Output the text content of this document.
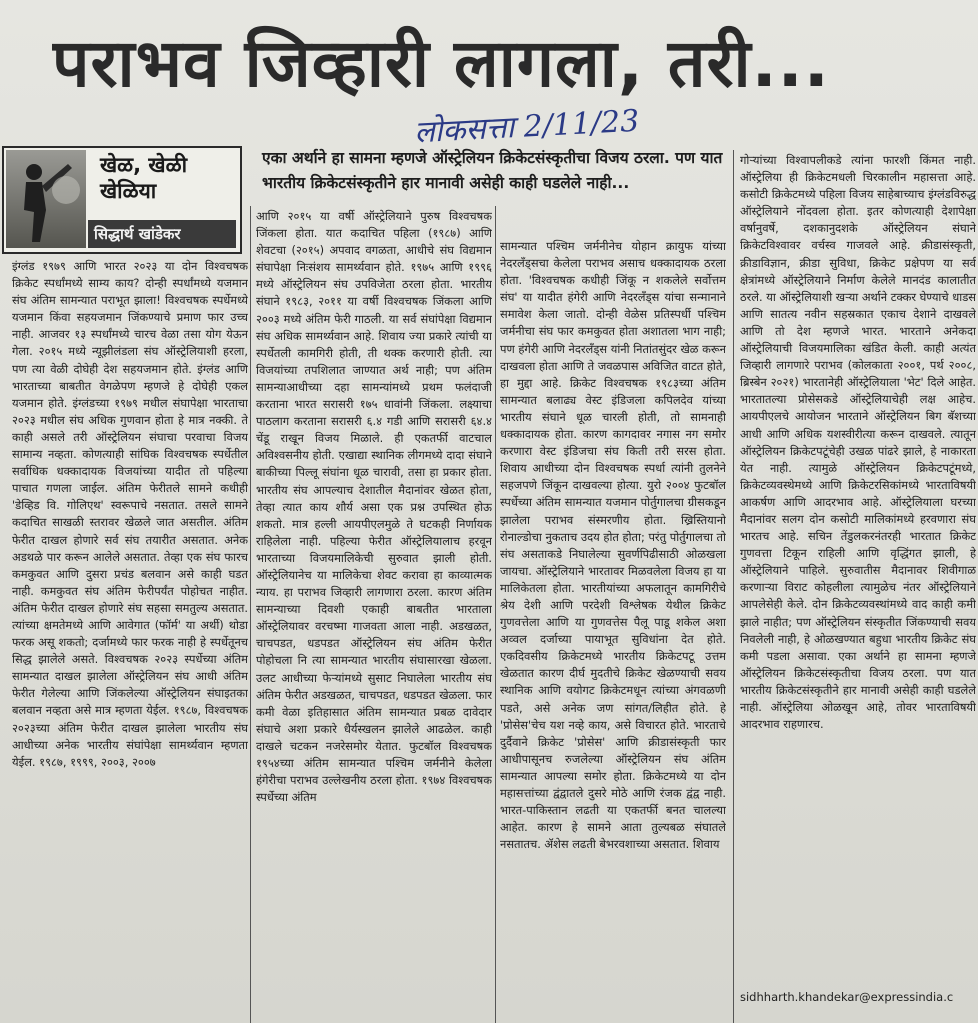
पराभव जिव्हारी लागला, तरी...
लोकसत्ता 2/11/23
खेळ, खेळी खेळिया
सिद्धार्थ खांडेकर
एका अर्थाने हा सामना म्हणजे ऑस्ट्रेलियन क्रिकेटसंस्कृतीचा विजय ठरला. पण यात भारतीय क्रिकेटसंस्कृतीने हार मानावी असेही काही घडलेले नाही...

इंग्लंड १९७९ आणि भारत २०२३ या दोन विश्वचषक क्रिकेट स्पर्धांमध्ये साम्य काय? दोन्ही स्पर्धांमध्ये यजमान संघ अंतिम सामन्यात पराभूत झाला! विश्वचषक स्पर्धेमध्ये यजमान किंवा सहयजमान जिंकण्याचे प्रमाण फार उच्च नाही. आजवर १३ स्पर्धांमध्ये चारच वेळा तसा योग येऊन गेला. २०१५ मध्ये न्यूझीलंडला संघ ऑस्ट्रेलियाशी हरला, पण त्या वेळी दोघेही देश सहयजमान होते. इंग्लंड आणि भारताच्या बाबतीत वेगळेपण म्हणजे हे दोघेही एकल यजमान होते. इंग्लंडच्या १९७९ मधील संघापेक्षा भारताचा २०२३ मधील संघ अधिक गुणवान होता हे मात्र नक्की. ते काही असले तरी ऑस्ट्रेलियन संघाचा परवाचा विजय सामान्य नव्हता. कोणत्याही सांघिक विश्वचषक स्पर्धेतील सर्वाधिक धक्कादायक विजयांच्या यादीत तो पहिल्या पाचात गणला जाईल. अंतिम फेरीतले सामने कधीही 'डेव्हिड वि. गोलिएथ' स्वरूपाचे नसतात. तसले सामने कदाचित साखळी स्तरावर खेळले जात असतील. अंतिम फेरीत दाखल होणारे सर्व संघ तयारीत असतात. अनेक अडथळे पार करून आलेले असतात. तेव्हा एक संघ फारच कमकुवत आणि दुसरा प्रचंड बलवान असे काही घडत नाही. कमकुवत संघ अंतिम फेरीपर्यंत पोहोचत नाहीत. अंतिम फेरीत दाखल होणारे संघ सहसा समतुल्य असतात. त्यांच्या क्षमतेमध्ये आणि आवेगात (फॉर्म' या अर्थी) थोडा फरक असू शकतो; दर्जामध्ये फार फरक नाही हे स्पर्धेतूनच सिद्ध झालेले असते. विश्वचषक २०२३ स्पर्धेच्या अंतिम सामन्यात दाखल झालेला ऑस्ट्रेलियन संघ आधी अंतिम फेरीत गेलेल्या आणि जिंकलेल्या ऑस्ट्रेलियन संघाइतका बलवान नव्हता असे मात्र म्हणता येईल. १९८७, विश्वचषक २०२३च्या अंतिम फेरीत दाखल झालेला भारतीय संघ आधीच्या अनेक भारतीय संघांपेक्षा सामर्थ्यवान म्हणता येईल. १९८७, १९९९, २००३, २००७

आणि २०१५ या वर्षी ऑस्ट्रेलियाने पुरुष विश्वचषक जिंकला होता. यात कदाचित पहिला (१९८७) आणि शेवटचा (२०१५) अपवाद वगळता, आधीचे संघ विद्यमान संघापेक्षा निःसंशय सामर्थ्यवान होते. १९७५ आणि १९९६ मध्ये ऑस्ट्रेलियन संघ उपविजेता ठरला होता. भारतीय संघाने १९८३, २०११ या वर्षी विश्वचषक जिंकला आणि २००३ मध्ये अंतिम फेरी गाठली. या सर्व संघांपेक्षा विद्यमान संघ अधिक सामर्थ्यवान आहे. शिवाय ज्या प्रकारे त्यांची या स्पर्धेतली कामगिरी होती, ती थक्क करणारी होती. त्या विजयांच्या तपशिलात जाण्यात अर्थ नाही; पण अंतिम सामन्याआधीच्या दहा सामन्यांमध्ये प्रथम फलंदाजी करताना भारत सरासरी १७५ धावांनी जिंकला. लक्ष्याचा पाठलाग करताना सरासरी ६.४ गडी आणि सरासरी ६४.४ चेंडू राखून विजय मिळाले. ही एकतर्फी वाटचाल अविश्वसनीय होती. एखाद्या स्थानिक लीगमध्ये दादा संघाने बाकीच्या पिल्लू संघांना धूळ चारावी, तसा हा प्रकार होता. भारतीय संघ आपल्याच देशातील मैदानांवर खेळत होता, तेव्हा त्यात काय शौर्य असा एक प्रश्न उपस्थित होऊ शकतो. मात्र हल्ली आयपीएलमुळे ते घटकही निर्णायक राहिलेला नाही. पहिल्या फेरीत ऑस्ट्रेलियालाच हरवून भारताच्या विजयमालिकेची सुरुवात झाली होती. ऑस्ट्रेलियानेच या मालिकेचा शेवट करावा हा काव्यात्मक न्याय. हा पराभव जिव्हारी लागणारा ठरला. कारण अंतिम सामन्याच्या दिवशी एकाही बाबतीत भारताला ऑस्ट्रेलियावर वरचष्मा गाजवता आला नाही. अडखळत, चाचपडत, धडपडत ऑस्ट्रेलियन संघ अंतिम फेरीत पोहोचला नि त्या सामन्यात भारतीय संघासारखा खेळला. उलट आधीच्या फेऱ्यांमध्ये सुसाट निघालेला भारतीय संघ अंतिम फेरीत अडखळत, चाचपडत, धडपडत खेळला. फार कमी वेळा इतिहासात अंतिम सामन्यात प्रबळ दावेदार संघाचे अशा प्रकारे धैर्यस्खलन झालेले आढळेल. काही दाखले चटकन नजरेसमोर येतात. फुटबॉल विश्वचषक १९५४च्या अंतिम सामन्यात पश्चिम जर्मनीने केलेला हंगेरीचा पराभव उल्लेखनीय ठरला होता. १९७४ विश्वचषक स्पर्धेच्या अंतिम

सामन्यात पश्चिम जर्मनीनेच योहान क्रायुफ यांच्या नेदरलँड्सचा केलेला पराभव असाच धक्कादायक ठरला होता. 'विश्वचषक कधीही जिंकू न शकलेले सर्वोत्तम संघ' या यादीत हंगेरी आणि नेदरलँड्स यांचा सन्मानाने समावेश केला जातो. दोन्ही वेळेस प्रतिस्पर्धी पश्चिम जर्मनीचा संघ फार कमकुवत होता अशातला भाग नाही; पण हंगेरी आणि नेदरलँड्स यांनी नितांतसुंदर खेळ करून दाखवला होता आणि ते जवळपास अविजित वाटत होते, हा मुद्दा आहे. क्रिकेट विश्वचषक १९८३च्या अंतिम सामन्यात बलाढ्य वेस्ट इंडिजला कपिलदेव यांच्या भारतीय संघाने धूळ चारली होती, तो सामनाही धक्कादायक होता. कारण कागदावर नगास नग समोर करणारा वेस्ट इंडिजचा संघ किती तरी सरस होता. शिवाय आधीच्या दोन विश्वचषक स्पर्धा त्यांनी तुलनेने सहजपणे जिंकून दाखवल्या होत्या. युरो २००४ फुटबॉल स्पर्धेच्या अंतिम सामन्यात यजमान पोर्तुगालचा ग्रीसकडून झालेला पराभव संस्मरणीय होता. ख्रिस्तियानो रोनाल्डोचा नुकताच उदय होत होता; परंतु पोर्तुगालचा तो संघ असताकडे निघालेल्या सुवर्णपिढीसाठी ओळखला जायचा. ऑस्ट्रेलियाने भारतावर मिळवलेला विजय हा या मालिकेतला होता. भारतीयांच्या अफलातून कामगिरीचे श्रेय देशी आणि परदेशी विश्लेषक येथील क्रिकेट गुणवत्तेला आणि या गुणवत्तेस पैलू पाडू शकेल अशा अव्वल दर्जाच्या पायाभूत सुविधांना देत होते. एकदिवसीय क्रिकेटमध्ये भारतीय क्रिकेटपटू उत्तम खेळतात कारण दीर्घ मुदतीचे क्रिकेट खेळण्याची सवय स्थानिक आणि वयोगट क्रिकेटमधून त्यांच्या अंगवळणी पडते, असे अनेक जण सांगत/लिहीत होते. हे 'प्रोसेस'चेच यश नव्हे काय, असे विचारत होते. भारताचे दुर्दैवाने क्रिकेट 'प्रोसेस' आणि क्रीडासंस्कृती फार आधीपासूनच रुजलेल्या ऑस्ट्रेलियन संघ अंतिम सामन्यात आपल्या समोर होता. क्रिकेटमध्ये या दोन महासत्तांच्या द्वंद्वातले दुसरे मोठे आणि रंजक द्वंद्व नाही. भारत-पाकिस्तान लढती या एकतर्फी बनत चालल्या आहेत. कारण हे सामने आता तुल्यबळ संघातले नसतातच. ॲशेस लढती बेभरवशाच्या असतात. शिवाय

गोऱ्यांच्या विश्वापलीकडे त्यांना फारशी किंमत नाही. ऑस्ट्रेलिया ही क्रिकेटमधली चिरकालीन महासत्ता आहे. कसोटी क्रिकेटमध्ये पहिला विजय साहेबाच्याच इंग्लंडविरुद्ध ऑस्ट्रेलियाने नोंदवला होता. इतर कोणत्याही देशापेक्षा वर्षानुवर्षे, दशकानुदशके ऑस्ट्रेलियन संघाने क्रिकेटविश्वावर वर्चस्व गाजवले आहे. क्रीडासंस्कृती, क्रीडाविज्ञान, क्रीडा सुविधा, क्रिकेट प्रक्षेपण या सर्व क्षेत्रांमध्ये ऑस्ट्रेलियाने निर्माण केलेले मानदंड कालातीत ठरले. या ऑस्ट्रेलियाशी खऱ्या अर्थाने टक्कर घेण्याचे धाडस आणि सातत्य नवीन सहस्रकात एकाच देशाने दाखवले आणि तो देश म्हणजे भारत. भारताने अनेकदा ऑस्ट्रेलियाची विजयमालिका खंडित केली. काही अत्यंत जिव्हारी लागणारे पराभव (कोलकाता २००१, पर्थ २००८, ब्रिस्बेन २०२१) भारतानेही ऑस्ट्रेलियाला 'भेट' दिले आहेत. भारतातल्या प्रोसेसकडे ऑस्ट्रेलियाचेही लक्ष आहेच. आयपीएलचे आयोजन भारताने ऑस्ट्रेलियन बिग बॅशच्या आधी आणि अधिक यशस्वीरीत्या करून दाखवले. त्यातून ऑस्ट्रेलियन क्रिकेटपटूंचेही उखळ पांढरे झाले, हे नाकारता येत नाही. त्यामुळे ऑस्ट्रेलियन क्रिकेटपटूंमध्ये, क्रिकेटव्यवस्थेमध्ये आणि क्रिकेटरसिकांमध्ये भारताविषयी आकर्षण आणि आदरभाव आहे. ऑस्ट्रेलियाला घरच्या मैदानांवर सलग दोन कसोटी मालिकांमध्ये हरवणारा संघ भारतच आहे. सचिन तेंडुलकरनंतरही भारतात क्रिकेट गुणवत्ता टिकून राहिली आणि वृद्धिंगत झाली, हे ऑस्ट्रेलियाने पाहिले. सुरुवातीस मैदानावर शिवीगाळ करणाऱ्या विराट कोहलीला त्यामुळेच नंतर ऑस्ट्रेलियाने आपलेसेही केले. दोन क्रिकेटव्यवस्थांमध्ये वाद काही कमी झाले नाहीत; पण ऑस्ट्रेलियन संस्कृतीत जिंकण्याची सवय निवलेली नाही, हे ओळखण्यात बहुधा भारतीय क्रिकेट संघ कमी पडला असावा. एका अर्थाने हा सामना म्हणजे ऑस्ट्रेलियन क्रिकेटसंस्कृतीचा विजय ठरला. पण यात भारतीय क्रिकेटसंस्कृतीने हार मानावी असेही काही घडलेले नाही. ऑस्ट्रेलिया ओळखून आहे, तोवर भारताविषयी आदरभाव राहणारच.

sidhharth.khandekar@expressindia.c
